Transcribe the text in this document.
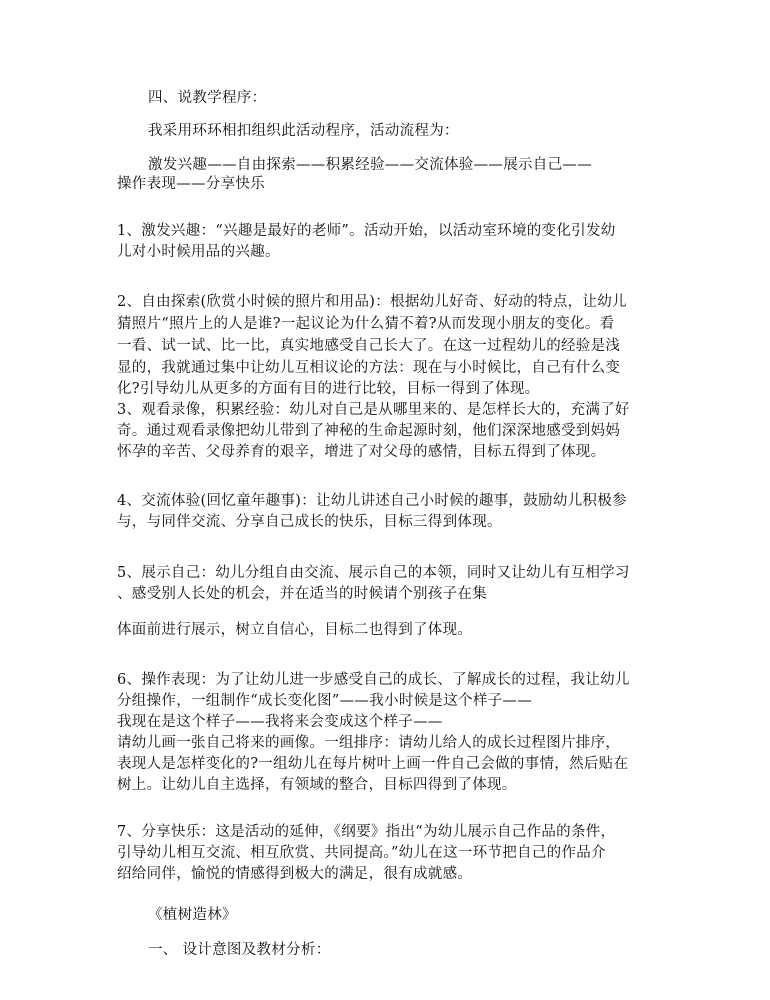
四、说教学程序：
我采用环环相扣组织此活动程序，活动流程为：
激发兴趣——自由探索——积累经验——交流体验——展示自己——
操作表现——分享快乐
1、激发兴趣：“兴趣是最好的老师”。活动开始，以活动室环境的变化引发幼
儿对小时候用品的兴趣。
2、自由探索(欣赏小时候的照片和用品)：根据幼儿好奇、好动的特点，让幼儿
猜照片“照片上的人是谁?一起议论为什么猜不着?从而发现小朋友的变化。看
一看、试一试、比一比，真实地感受自己长大了。在这一过程幼儿的经验是浅
显的，我就通过集中让幼儿互相议论的方法：现在与小时候比，自己有什么变
化?引导幼儿从更多的方面有目的进行比较，目标一得到了体现。
3、观看录像，积累经验：幼儿对自己是从哪里来的、是怎样长大的，充满了好
奇。通过观看录像把幼儿带到了神秘的生命起源时刻，他们深深地感受到妈妈
怀孕的辛苦、父母养育的艰辛，增进了对父母的感情，目标五得到了体现。
4、交流体验(回忆童年趣事)：让幼儿讲述自己小时候的趣事，鼓励幼儿积极参
与，与同伴交流、分享自己成长的快乐，目标三得到体现。
5、展示自己：幼儿分组自由交流、展示自己的本领，同时又让幼儿有互相学习
、感受别人长处的机会，并在适当的时候请个别孩子在集
体面前进行展示，树立自信心，目标二也得到了体现。
6、操作表现：为了让幼儿进一步感受自己的成长、了解成长的过程，我让幼儿
分组操作，一组制作“成长变化图”——我小时候是这个样子——
我现在是这个样子——我将来会变成这个样子——
请幼儿画一张自己将来的画像。一组排序：请幼儿给人的成长过程图片排序，
表现人是怎样变化的?一组幼儿在每片树叶上画一件自己会做的事情，然后贴在
树上。让幼儿自主选择，有领域的整合，目标四得到了体现。
7、分享快乐：这是活动的延伸，《纲要》指出“为幼儿展示自己作品的条件，
引导幼儿相互交流、相互欣赏、共同提高。”幼儿在这一环节把自己的作品介
绍给同伴，愉悦的情感得到极大的满足，很有成就感。
《植树造林》
一、 设计意图及教材分析：
